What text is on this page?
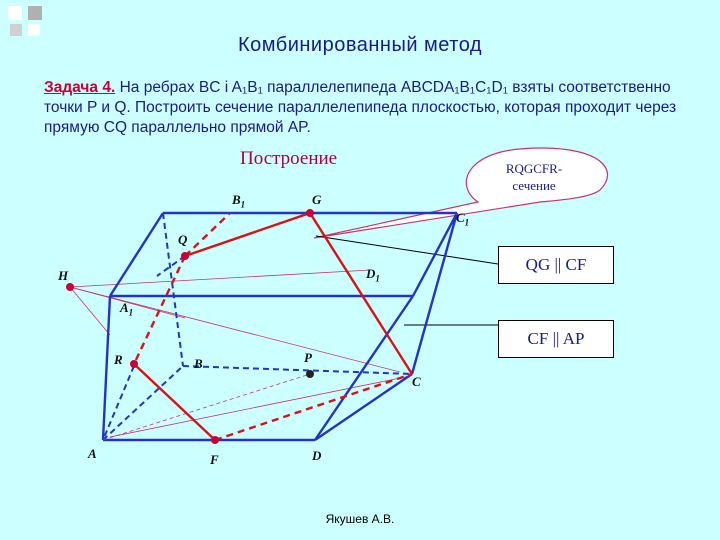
Комбинированный метод
Задача 4. На ребрах BC i A₁B₁ параллелепипеда ABCDA₁B₁C₁D₁ взяты соответственно точки P и Q. Построить сечение параллелепипеда плоскостью, которая проходит через прямую CQ параллельно прямой AP.
Построение	RQGCFR-
сечение
QG || CF
CF || AP
$B_1$	G
$C_1$
Q
H	$D_1$
$A_1$
R	B	P
C
A	F	D
Якушев А.В.
